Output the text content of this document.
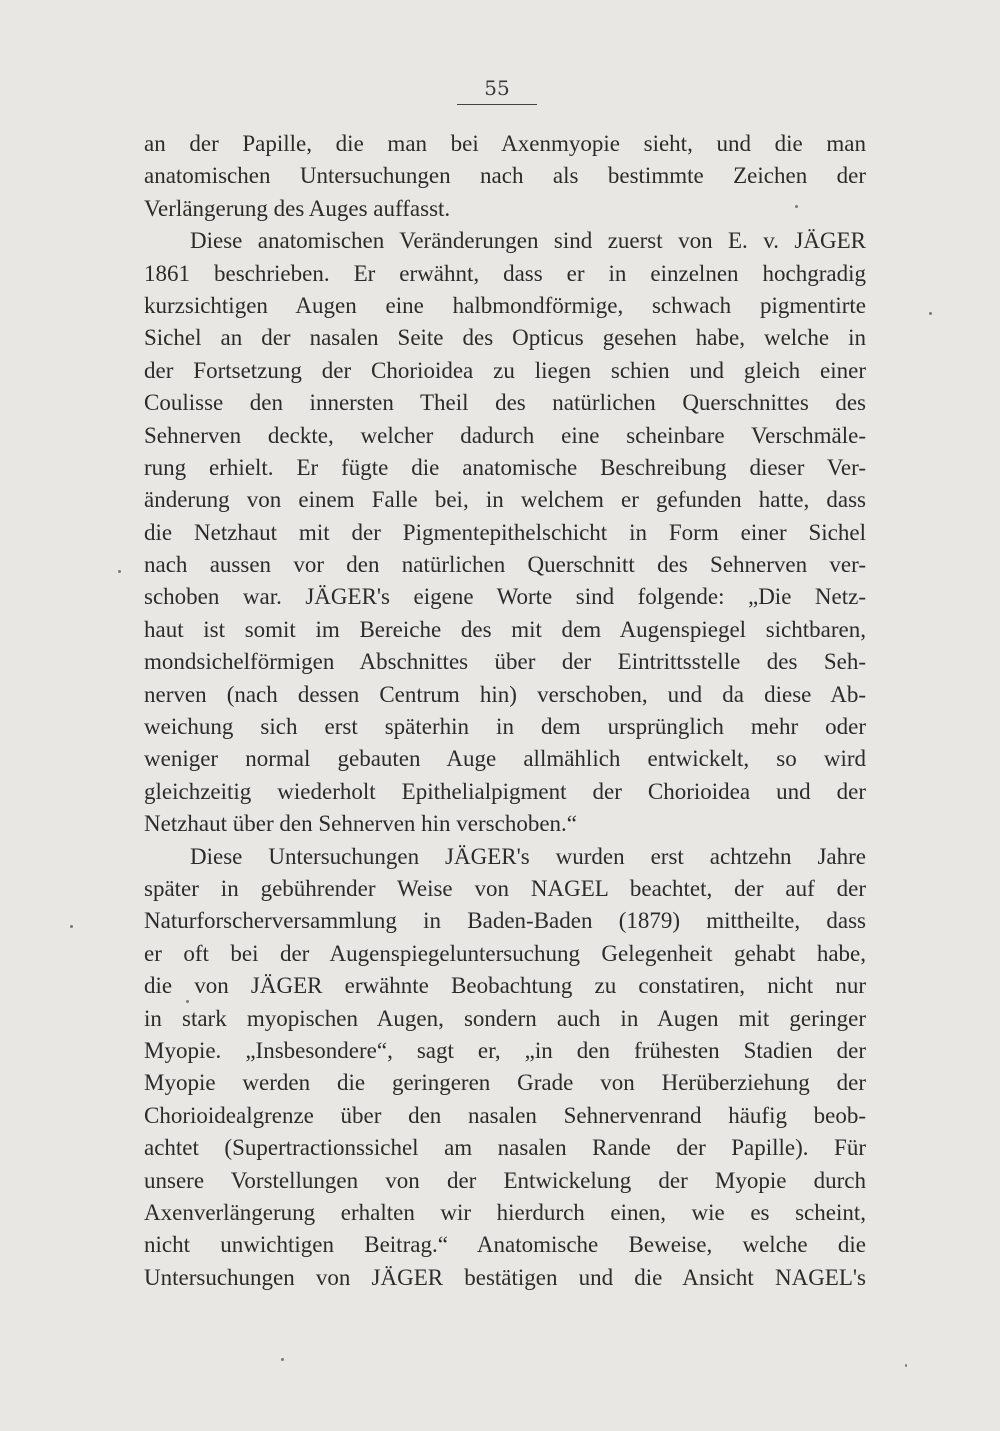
55
an der Papille, die man bei Axenmyopie sieht, und die man
anatomischen Untersuchungen nach als bestimmte Zeichen der
Verlängerung des Auges auffasst.
Diese anatomischen Veränderungen sind zuerst von E. v. JÄGER
1861 beschrieben. Er erwähnt, dass er in einzelnen hochgradig
kurzsichtigen Augen eine halbmondförmige, schwach pigmentirte
Sichel an der nasalen Seite des Opticus gesehen habe, welche in
der Fortsetzung der Chorioidea zu liegen schien und gleich einer
Coulisse den innersten Theil des natürlichen Querschnittes des
Sehnerven deckte, welcher dadurch eine scheinbare Verschmäle-
rung erhielt. Er fügte die anatomische Beschreibung dieser Ver-
änderung von einem Falle bei, in welchem er gefunden hatte, dass
die Netzhaut mit der Pigmentepithelschicht in Form einer Sichel
nach aussen vor den natürlichen Querschnitt des Sehnerven ver-
schoben war. JÄGER's eigene Worte sind folgende: „Die Netz-
haut ist somit im Bereiche des mit dem Augenspiegel sichtbaren,
mondsichelförmigen Abschnittes über der Eintrittsstelle des Seh-
nerven (nach dessen Centrum hin) verschoben, und da diese Ab-
weichung sich erst späterhin in dem ursprünglich mehr oder
weniger normal gebauten Auge allmählich entwickelt, so wird
gleichzeitig wiederholt Epithelialpigment der Chorioidea und der
Netzhaut über den Sehnerven hin verschoben.“
Diese Untersuchungen JÄGER's wurden erst achtzehn Jahre
später in gebührender Weise von NAGEL beachtet, der auf der
Naturforscherversammlung in Baden-Baden (1879) mittheilte, dass
er oft bei der Augenspiegeluntersuchung Gelegenheit gehabt habe,
die von JÄGER erwähnte Beobachtung zu constatiren, nicht nur
in stark myopischen Augen, sondern auch in Augen mit geringer
Myopie. „Insbesondere“, sagt er, „in den frühesten Stadien der
Myopie werden die geringeren Grade von Herüberziehung der
Chorioidealgrenze über den nasalen Sehnervenrand häufig beob-
achtet (Supertractionssichel am nasalen Rande der Papille). Für
unsere Vorstellungen von der Entwickelung der Myopie durch
Axenverlängerung erhalten wir hierdurch einen, wie es scheint,
nicht unwichtigen Beitrag.“ Anatomische Beweise, welche die
Untersuchungen von JÄGER bestätigen und die Ansicht NAGEL's
